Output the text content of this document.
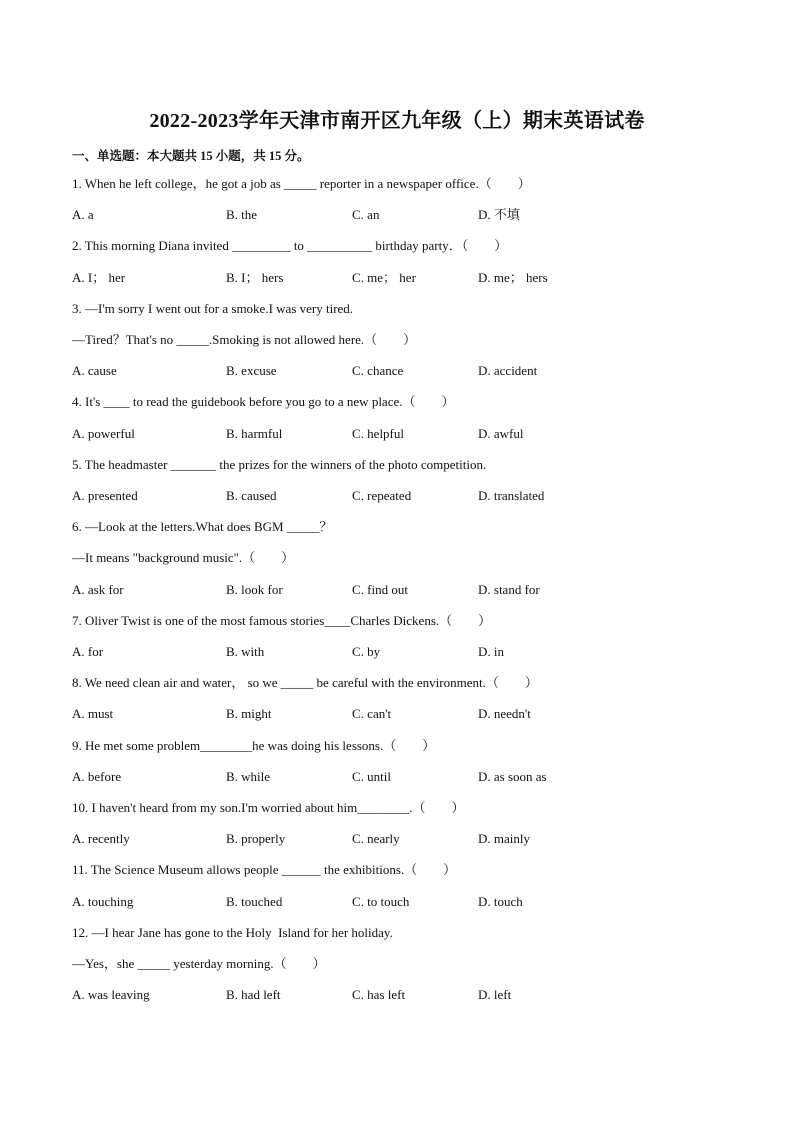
2022-2023学年天津市南开区九年级（上）期末英语试卷
一、单选题：本大题共 15 小题，共 15 分。
1. When he left college，he got a job as _____ reporter in a newspaper office.（　　）
A. a	B. the	C. an	D. 不填
2. This morning Diana invited _________ to __________ birthday party．（　　）
A. I； her	B. I； hers	C. me； her	D. me； hers
3. —I'm sorry I went out for a smoke.I was very tired.
—Tired？That's no _____.Smoking is not allowed here.（　　）
A. cause	B. excuse	C. chance	D. accident
4. It's ____ to read the guidebook before you go to a new place.（　　）
A. powerful	B. harmful	C. helpful	D. awful
5. The headmaster _______ the prizes for the winners of the photo competition.
A. presented	B. caused	C. repeated	D. translated
6. —Look at the letters.What does BGM _____？
—It means "background music".（　　）
A. ask for	B. look for	C. find out	D. stand for
7. Oliver Twist is one of the most famous stories____Charles Dickens.（　　）
A. for	B. with	C. by	D. in
8. We need clean air and water， so we _____ be careful with the environment.（　　）
A. must	B. might	C. can't	D. needn't
9. He met some problem________he was doing his lessons.（　　）
A. before	B. while	C. until	D. as soon as
10. I haven't heard from my son.I'm worried about him________.（　　）
A. recently	B. properly	C. nearly	D. mainly
11. The Science Museum allows people ______ the exhibitions.（　　）
A. touching	B. touched	C. to touch	D. touch
12. —I hear Jane has gone to the Holy  Island for her holiday.
—Yes，she _____ yesterday morning.（　　）
A. was leaving	B. had left	C. has left	D. left
